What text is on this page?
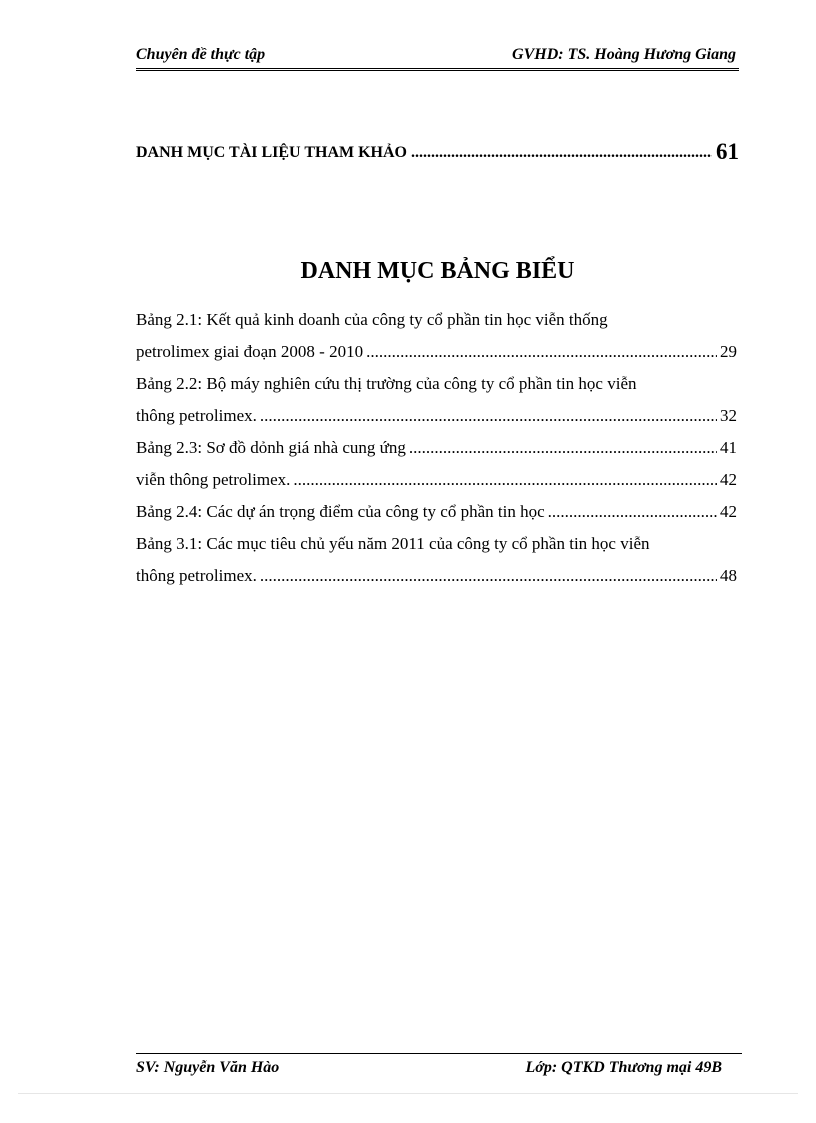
Chuyên đề thực tập	GVHD: TS. Hoàng Hương Giang
DANH MỤC TÀI LIỆU THAM KHẢO .....	61
DANH MỤC BẢNG BIỂU
Bảng 2.1: Kết quả kinh doanh của công ty cổ phần tin học viễn thống
petrolimex giai đoạn 2008 - 2010 .....	29
Bảng 2.2: Bộ máy nghiên cứu thị trường của công ty cổ phần tin học viễn
thông petrolimex. .....	32
Bảng 2.3: Sơ đồ dỏnh giá nhà cung ứng .....	41
viễn thông petrolimex. .....	42
Bảng 2.4: Các dự án trọng điểm của công ty cổ phần tin học .....	42
Bảng 3.1: Các mục tiêu chủ yếu năm 2011 của công ty cổ phần tin học viễn
thông petrolimex. .....	48
SV: Nguyễn Văn Hào	Lớp: QTKD Thương mại 49B
